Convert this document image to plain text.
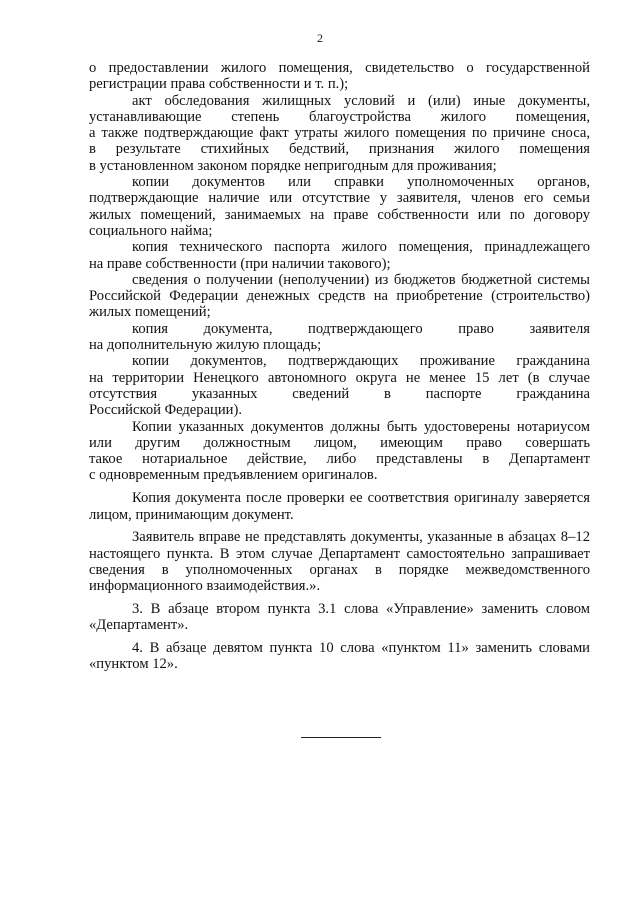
2
о предоставлении жилого помещения, свидетельство о государственной
регистрации права собственности и т. п.);
акт обследования жилищных условий и (или) иные документы,
устанавливающие степень благоустройства жилого помещения,
а также подтверждающие факт утраты жилого помещения по причине сноса,
в результате стихийных бедствий, признания жилого помещения
в установленном законом порядке непригодным для проживания;
копии документов или справки уполномоченных органов,
подтверждающие наличие или отсутствие у заявителя, членов его семьи
жилых помещений, занимаемых на праве собственности или по договору
социального найма;
копия технического паспорта жилого помещения, принадлежащего
на праве собственности (при наличии такового);
сведения о получении (неполучении) из бюджетов бюджетной системы
Российской Федерации денежных средств на приобретение (строительство)
жилых помещений;
копия документа, подтверждающего право заявителя
на дополнительную жилую площадь;
копии документов, подтверждающих проживание гражданина
на территории Ненецкого автономного округа не менее 15 лет (в случае
отсутствия указанных сведений в паспорте гражданина
Российской Федерации).
Копии указанных документов должны быть удостоверены нотариусом
или другим должностным лицом, имеющим право совершать
такое нотариальное действие, либо представлены в Департамент
с одновременным предъявлением оригиналов.
Копия документа после проверки ее соответствия оригиналу заверяется
лицом, принимающим документ.
Заявитель вправе не представлять документы, указанные в абзацах 8–12
настоящего пункта. В этом случае Департамент самостоятельно запрашивает
сведения в уполномоченных органах в порядке межведомственного
информационного взаимодействия.».
3. В абзаце втором пункта 3.1 слова «Управление» заменить словом
«Департамент».
4. В абзаце девятом пункта 10 слова «пунктом 11» заменить словами
«пунктом 12».
